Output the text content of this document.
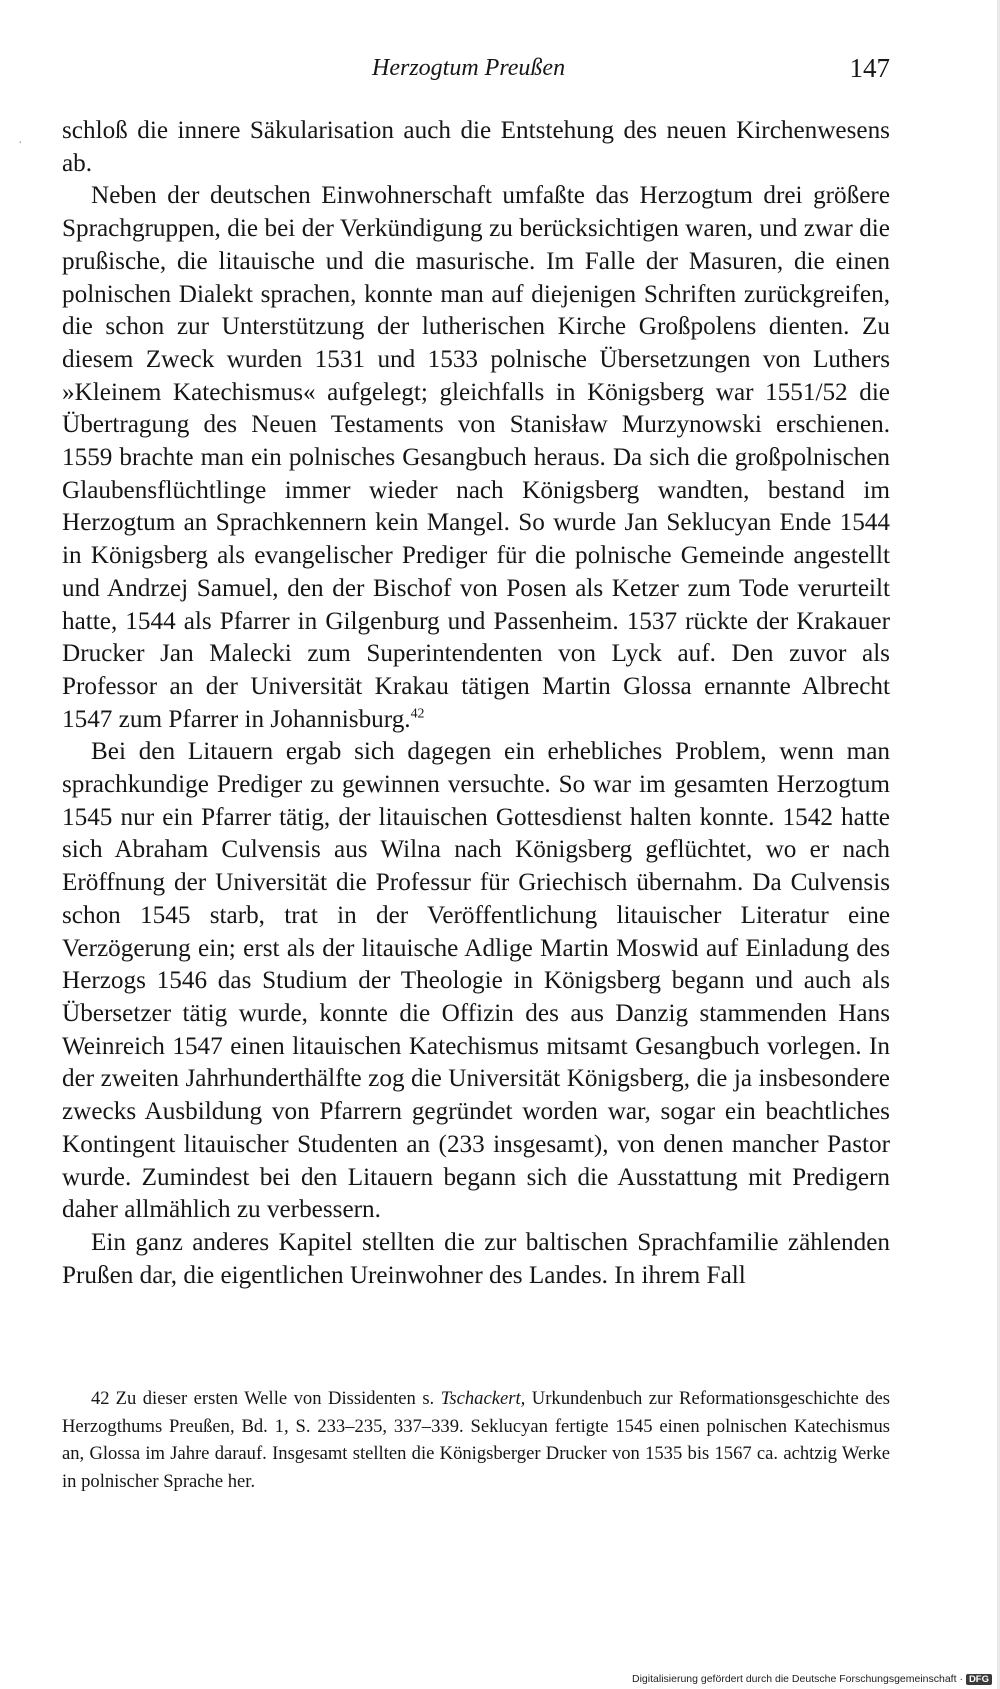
Herzogtum Preußen	147
· schloß die innere Säkularisation auch die Entstehung des neuen Kirchenwesens ab.

Neben der deutschen Einwohnerschaft umfaßte das Herzogtum drei größere Sprachgruppen, die bei der Verkündigung zu berücksichtigen waren, und zwar die prußische, die litauische und die masurische. Im Falle der Masuren, die einen polnischen Dialekt sprachen, konnte man auf diejenigen Schriften zurückgreifen, die schon zur Unterstützung der lutherischen Kirche Großpolens dienten. Zu diesem Zweck wurden 1531 und 1533 polnische Übersetzungen von Luthers »Kleinem Katechismus« aufgelegt; gleichfalls in Königsberg war 1551/52 die Übertragung des Neuen Testaments von Stanisław Murzynowski erschienen. 1559 brachte man ein polnisches Gesangbuch heraus. Da sich die großpolnischen Glaubensflüchtlinge immer wieder nach Königsberg wandten, bestand im Herzogtum an Sprachkennern kein Mangel. So wurde Jan Seklucyan Ende 1544 in Königsberg als evangelischer Prediger für die polnische Gemeinde angestellt und Andrzej Samuel, den der Bischof von Posen als Ketzer zum Tode verurteilt hatte, 1544 als Pfarrer in Gilgenburg und Passenheim. 1537 rückte der Krakauer Drucker Jan Malecki zum Superintendenten von Lyck auf. Den zuvor als Professor an der Universität Krakau tätigen Martin Glossa ernannte Albrecht 1547 zum Pfarrer in Johannisburg.$^{42}$

Bei den Litauern ergab sich dagegen ein erhebliches Problem, wenn man sprachkundige Prediger zu gewinnen versuchte. So war im gesamten Herzogtum 1545 nur ein Pfarrer tätig, der litauischen Gottesdienst halten konnte. 1542 hatte sich Abraham Culvensis aus Wilna nach Königsberg geflüchtet, wo er nach Eröffnung der Universität die Professur für Griechisch übernahm. Da Culvensis schon 1545 starb, trat in der Veröffentlichung litauischer Literatur eine Verzögerung ein; erst als der litauische Adlige Martin Moswid auf Einladung des Herzogs 1546 das Studium der Theologie in Königsberg begann und auch als Übersetzer tätig wurde, konnte die Offizin des aus Danzig stammenden Hans Weinreich 1547 einen litauischen Katechismus mitsamt Gesangbuch vorlegen. In der zweiten Jahrhunderthälfte zog die Universität Königsberg, die ja insbesondere zwecks Ausbildung von Pfarrern gegründet worden war, sogar ein beachtliches Kontingent litauischer Studenten an (233 insgesamt), von denen mancher Pastor wurde. Zumindest bei den Litauern begann sich die Ausstattung mit Predigern daher allmählich zu verbessern.

Ein ganz anderes Kapitel stellten die zur baltischen Sprachfamilie zählenden Prußen dar, die eigentlichen Ureinwohner des Landes. In ihrem Fall

42 Zu dieser ersten Welle von Dissidenten s. Tschackert, Urkundenbuch zur Reformationsgeschichte des Herzogthums Preußen, Bd. 1, S. 233–235, 337–339. Seklucyan fertigte 1545 einen polnischen Katechismus an, Glossa im Jahre darauf. Insgesamt stellten die Königsberger Drucker von 1535 bis 1567 ca. achtzig Werke in polnischer Sprache her.

Digitalisierung gefördert durch die Deutsche Forschungsgemeinschaft · DFG
